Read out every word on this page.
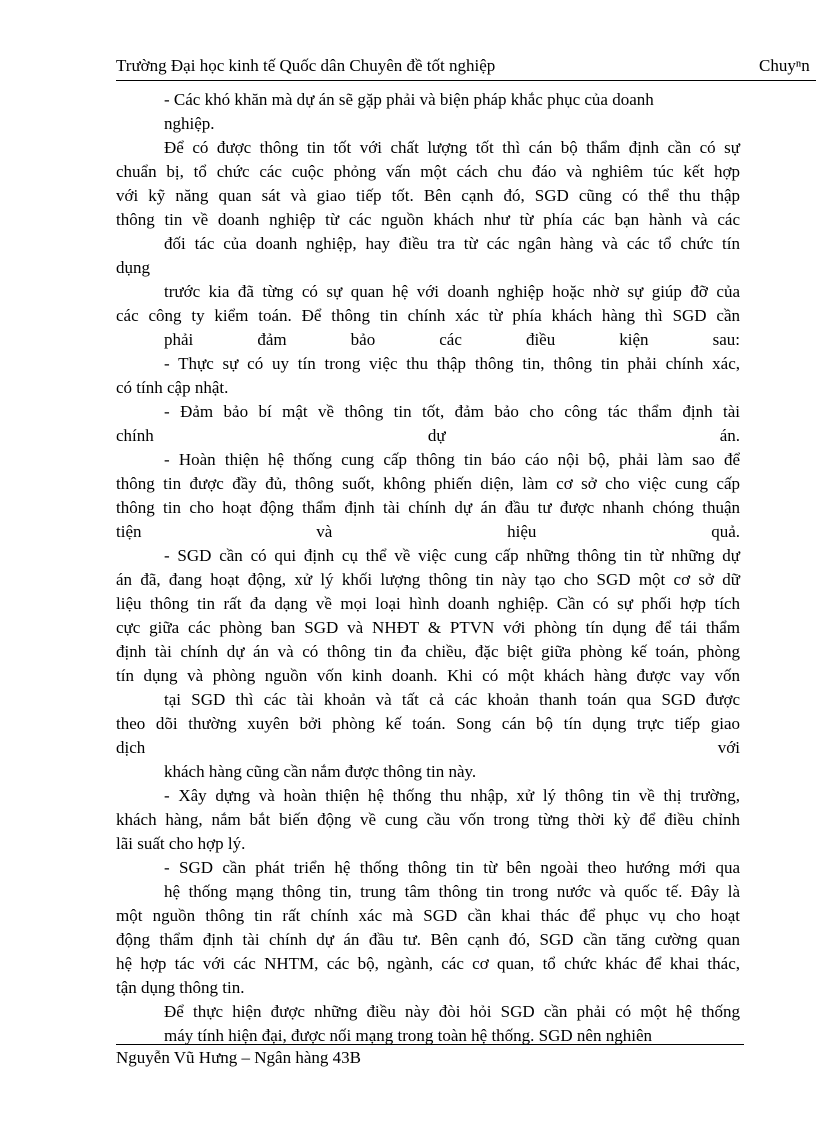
Trường Đại học kinh tế Quốc dân Chuyên đề tốt nghiệp	Chuyⁿn
- Các khó khăn mà dự án sẽ gặp phải và biện pháp khắc phục của doanh
nghiệp.
Để có được thông tin tốt với chất lượng tốt thì cán bộ thẩm định cần có sự
chuẩn bị, tổ chức các cuộc phỏng vấn một cách chu đáo và nghiêm túc kết hợp
với kỹ năng quan sát và giao tiếp tốt. Bên cạnh đó, SGD cũng có thể thu thập
thông tin về doanh nghiệp từ các nguồn khách như từ phía các bạn hành và các
đối tác của doanh nghiệp, hay điều tra từ các ngân hàng và các tổ chức tín
dụng
trước kia đã từng có sự quan hệ với doanh nghiệp hoặc nhờ sự giúp đỡ của
các công ty kiểm toán. Để thông tin chính xác từ phía khách hàng thì SGD cần
phải đảm bảo các điều kiện sau:
- Thực sự có uy tín trong việc thu thập thông tin, thông tin phải chính xác,
có tính cập nhật.
- Đảm bảo bí mật về thông tin tốt, đảm bảo cho công tác thẩm định tài
chính dự án.
- Hoàn thiện hệ thống cung cấp thông tin báo cáo nội bộ, phải làm sao để
thông tin được đầy đủ, thông suốt, không phiến diện, làm cơ sở cho việc cung cấp
thông tin cho hoạt động thẩm định tài chính dự án đầu tư được nhanh chóng thuận
tiện và hiệu quả.
- SGD cần có qui định cụ thể về việc cung cấp những thông tin từ những dự
án đã, đang hoạt động, xử lý khối lượng thông tin này tạo cho SGD một cơ sở dữ
liệu thông tin rất đa dạng về mọi loại hình doanh nghiệp. Cần có sự phối hợp tích
cực giữa các phòng ban SGD và NHĐT & PTVN với phòng tín dụng để tái thẩm
định tài chính dự án và có thông tin đa chiều, đặc biệt giữa phòng kế toán, phòng
tín dụng và phòng nguồn vốn kinh doanh. Khi có một khách hàng được vay vốn
tại SGD thì các tài khoản và tất cả các khoản thanh toán qua SGD được
theo dõi thường xuyên bởi phòng kế toán. Song cán bộ tín dụng trực tiếp giao
dịch với
khách hàng cũng cần nắm được thông tin này.
- Xây dựng và hoàn thiện hệ thống thu nhập, xử lý thông tin về thị trường,
khách hàng, nắm bắt biến động về cung cầu vốn trong từng thời kỳ để điều chỉnh
lãi suất cho hợp lý.
- SGD cần phát triển hệ thống thông tin từ bên ngoài theo hướng mới qua
hệ thống mạng thông tin, trung tâm thông tin trong nước và quốc tế. Đây là
một nguồn thông tin rất chính xác mà SGD cần khai thác để phục vụ cho hoạt
động thẩm định tài chính dự án đầu tư. Bên cạnh đó, SGD cần tăng cường quan
hệ hợp tác với các NHTM, các bộ, ngành, các cơ quan, tổ chức khác để khai thác,
tận dụng thông tin.
Để thực hiện được những điều này đòi hỏi SGD cần phải có một hệ thống
máy tính hiện đại, được nối mạng trong toàn hệ thống. SGD nên nghiên
Nguyễn Vũ Hưng – Ngân hàng 43B
